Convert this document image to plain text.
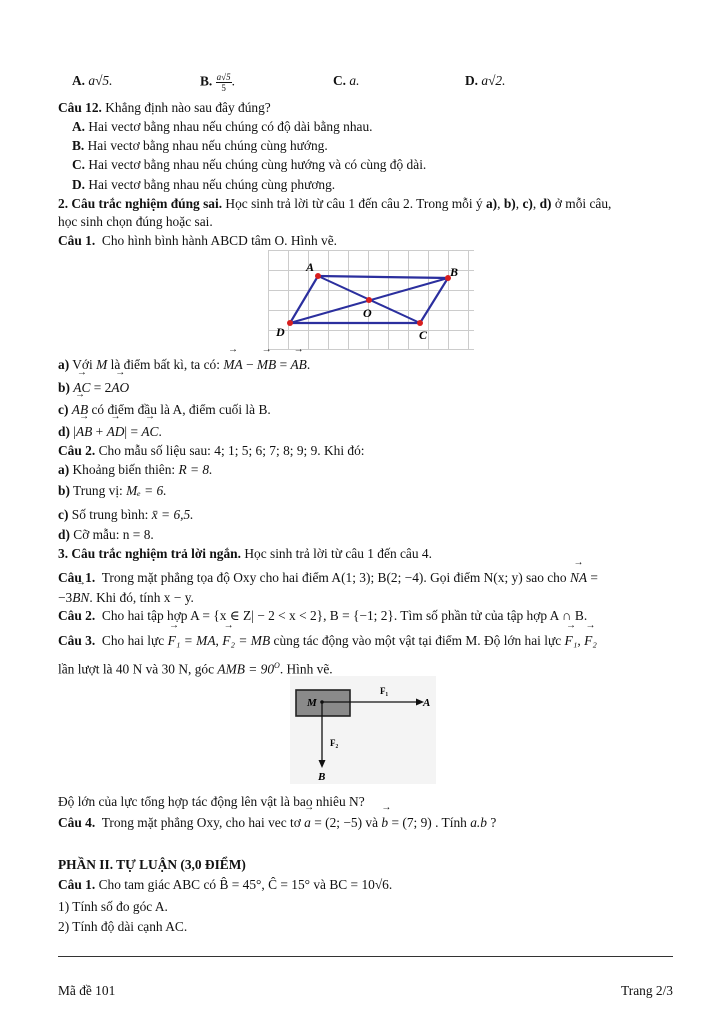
A. a√5.	B. $\frac{a√5}{5}$ .	C. a.	D. a√2.
Câu 12. Khẳng định nào sau đây đúng?
A. Hai vectơ bằng nhau nếu chúng có độ dài bằng nhau.
B. Hai vectơ bằng nhau nếu chúng cùng hướng.
C. Hai vectơ bằng nhau nếu chúng cùng hướng và có cùng độ dài.
D. Hai vectơ bằng nhau nếu chúng cùng phương.
2. Câu trắc nghiệm đúng sai. Học sinh trả lời từ câu 1 đến câu 2. Trong mỗi ý a), b), c), d) ở mỗi câu,
học sinh chọn đúng hoặc sai.
Câu 1. Cho hình bình hành ABCD tâm O. Hình vẽ.
A	B
C
D
O
a) Với M là điểm bất kì, ta có: → MA − → MB = → AB.
b) → AC = 2→ AO
c) → AB có điểm đầu là A, điểm cuối là B.
d) |→ AB + → AD| = → AC.
Câu 2. Cho mẫu số liệu sau: 4; 1; 5; 6; 7; 8; 9; 9. Khi đó:
a) Khoảng biến thiên: R = 8.
b) Trung vị: Mₑ = 6.
c) Số trung bình: x̄ = 6,5.
d) Cỡ mẫu: n = 8.
3. Câu trắc nghiệm trả lời ngắn. Học sinh trả lời từ câu 1 đến câu 4.
Câu 1. Trong mặt phẳng tọa độ Oxy cho hai điểm A(1; 3); B(2; −4). Gọi điểm N(x; y) sao cho → NA =
−3→ BN. Khi đó, tính x − y.
Câu 2. Cho hai tập hợp A = {x ∈ Z| − 2 < x < 2}, B = {−1; 2}. Tìm số phần tử của tập hợp A ∩ B.
Câu 3. Cho hai lực → F₁ = MA, → F₂ = MB cùng tác động vào một vật tại điểm M. Độ lớn hai lực → F₁, → F₂
lần lượt là 40 N và 30 N, góc AMB = $90^O$. Hình vẽ.
M	A
F₁
B
F₂
Độ lớn của lực tổng hợp tác động lên vật là bao nhiêu N?
Câu 4. Trong mặt phẳng Oxy, cho hai vec tơ → a = (2; −5) và → b = (7; 9) . Tính a.b ?
PHẦN II. TỰ LUẬN (3,0 ĐIỂM)
Câu 1. Cho tam giác ABC có B̂ = 45°, Ĉ = 15° và BC = 10√6.
1) Tính số đo góc A.
2) Tính độ dài cạnh AC.
Mã đề 101	Trang 2/3
